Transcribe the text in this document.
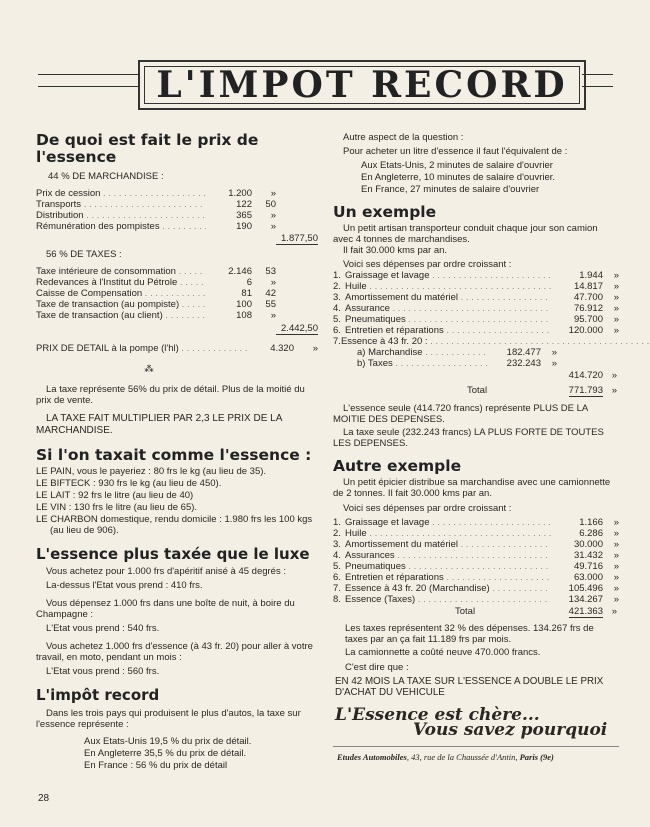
L'IMPOT RECORD
De quoi est fait le prix de l'essence

44 % DE MARCHANDISE :

Prix de cession . . .	1.200	»
Transports . . .	122	50
Distribution . . .	365	»
Rémunération des pompistes . . .	190	»
1.877,50

56 % DE TAXES :

Taxe intérieure de consommation . . .	2.146	53
Redevances à l'Institut du Pétrole . . .	6	»
Caisse de Compensation . . .	81	42
Taxe de transaction (au pompiste) . . .	100	55
Taxe de transaction (au client) . . .	108	»
2.442,50
PRIX DE DETAIL à la pompe (l'hl) . . .	4.320	»

⁂

La taxe représente 56% du prix de détail. Plus de la moitié du prix de vente.

LA TAXE FAIT MULTIPLIER PAR 2,3 LE PRIX DE LA MARCHANDISE.

Si l'on taxait comme l'essence :

LE PAIN, vous le payeriez : 80 frs le kg (au lieu de 35).

LE BIFTECK : 930 frs le kg (au lieu de 450).

LE LAIT : 92 frs le litre (au lieu de 40)

LE VIN : 130 frs le litre (au lieu de 65).

LE CHARBON domestique, rendu domicile : 1.980 frs les 100 kgs (au lieu de 906).

L'essence plus taxée que le luxe

Vous achetez pour 1.000 frs d'apéritif anisé à 45 degrés :

La-dessus l'Etat vous prend : 410 frs.

Vous dépensez 1.000 frs dans une boîte de nuit, à boire du Champagne :

L'Etat vous prend : 540 frs.

Vous achetez 1.000 frs d'essence (à 43 fr. 20) pour aller à votre travail, en moto, pendant un mois :

L'Etat vous prend : 560 frs.

L'impôt record

Dans les trois pays qui produisent le plus d'autos, la taxe sur l'essence représente :

Aux Etats-Unis 19,5 % du prix de détail.

En Angleterre 35,5 % du prix de détail.

En France : 56 % du prix de détail

Autre aspect de la question :

Pour acheter un litre d'essence il faut l'équivalent de :

Aux Etats-Unis, 2 minutes de salaire d'ouvrier

En Angleterre, 10 minutes de salaire d'ouvrier.

En France, 27 minutes de salaire d'ouvrier

Un exemple

Un petit artisan transporteur conduit chaque jour son camion avec 4 tonnes de marchandises.

Il fait 30.000 kms par an.

Voici ses dépenses par ordre croissant :

1. Graissage et lavage . . .	1.944	»
2. Huile . . .	14.817	»
3. Amortissement du matériel . . .	47.700	»
4. Assurance . . .	76.912	»
5. Pneumatiques . . .	95.700	»
6. Entretien et réparations . . .	120.000	»
7. Essence à 43 fr. 20 : . . .
a) Marchandise . . .	182.477	»
b) Taxes . . .	232.243	»
414.720 »
Total	771.793 »

L'essence seule (414.720 francs) représente PLUS DE LA MOITIE DES DEPENSES.

La taxe seule (232.243 francs) LA PLUS FORTE DE TOUTES LES DEPENSES.

Autre exemple

Un petit épicier distribue sa marchandise avec une camionnette de 2 tonnes. Il fait 30.000 kms par an.

Voici ses dépenses par ordre croissant :

1. Graissage et lavage . . .	1.166	»
2. Huile . . .	6.286	»
3. Amortissement du matériel . . .	30.000	»
4. Assurances . . .	31.432	»
5. Pneumatiques . . .	49.716	»
6. Entretien et réparations . . .	63.000	»
7. Essence à 43 fr. 20 (Marchandise) . . .	105.496	»
8. Essence (Taxes) . . .	134.267	»
Total	421.363 »

Les taxes représentent 32 % des dépenses. 134.267 frs de taxes par an ça fait 11.189 frs par mois.

La camionnette a coûté neuve 470.000 francs.

C'est dire que :

EN 42 MOIS LA TAXE SUR L'ESSENCE A DOUBLE LE PRIX D'ACHAT DU VEHICULE

L'Essence est chère...

Vous savez pourquoi

Etudes Automobiles, 43, rue de la Chaussée d'Antin, Paris (9e)

28
